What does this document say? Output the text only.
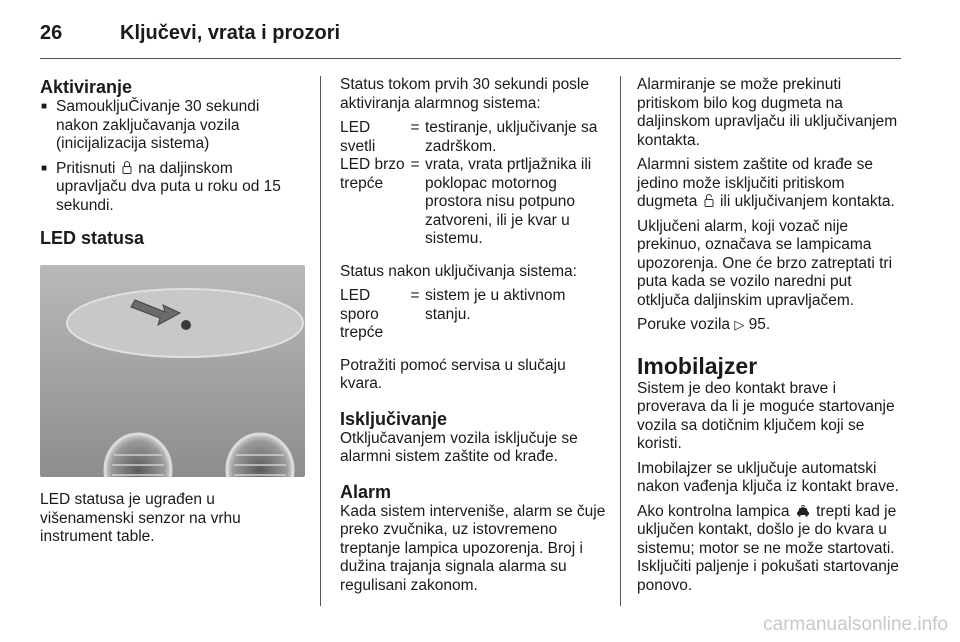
26	Ključevi, vrata i prozori
Aktiviranje
■ SamoukljuČivanje 30 sekundi nakon zaključavanja vozila (inicijalizacija sistema)
■ Pritisnuti na daljinskom upravljaču dva puta u roku od 15 sekundi.
LED statusa

LED statusa je ugrađen u višenamenski senzor na vrhu instrument table.

Status tokom prvih 30 sekundi posle aktiviranja alarmnog sistema:

LED svetli
= testiranje, uključivanje sa zadrškom.
LED brzo trepće
= vrata, vrata prtljažnika ili poklopac motornog prostora nisu potpuno zatvoreni, ili je kvar u sistemu.

Status nakon uključivanja sistema:

LED sporo trepće
= sistem je u aktivnom stanju.

Potražiti pomoć servisa u slučaju kvara.

Isključivanje

Otključavanjem vozila isključuje se alarmni sistem zaštite od krađe.

Alarm

Kada sistem interveniše, alarm se čuje preko zvučnika, uz istovremeno treptanje lampica upozorenja. Broj i dužina trajanja signala alarma su regulisani zakonom.

Alarmiranje se može prekinuti pritiskom bilo kog dugmeta na daljinskom upravljaču ili uključivanjem kontakta.

Alarmni sistem zaštite od krađe se jedino može isključiti pritiskom dugmeta ili uključivanjem kontakta.

Uključeni alarm, koji vozač nije prekinuo, označava se lampicama upozorenja. One će brzo zatreptati tri puta kada se vozilo naredni put otključa daljinskim upravljačem.

Poruke vozila ▷ 95.

Imobilajzer

Sistem je deo kontakt brave i proverava da li je moguće startovanje vozila sa dotičnim ključem koji se koristi.

Imobilajzer se uključuje automatski nakon vađenja ključa iz kontakt brave.

Ako kontrolna lampica trepti kad je uključen kontakt, došlo je do kvara u sistemu; motor se ne može startovati. Isključiti paljenje i pokušati startovanje ponovo.

carmanualsonline.info
